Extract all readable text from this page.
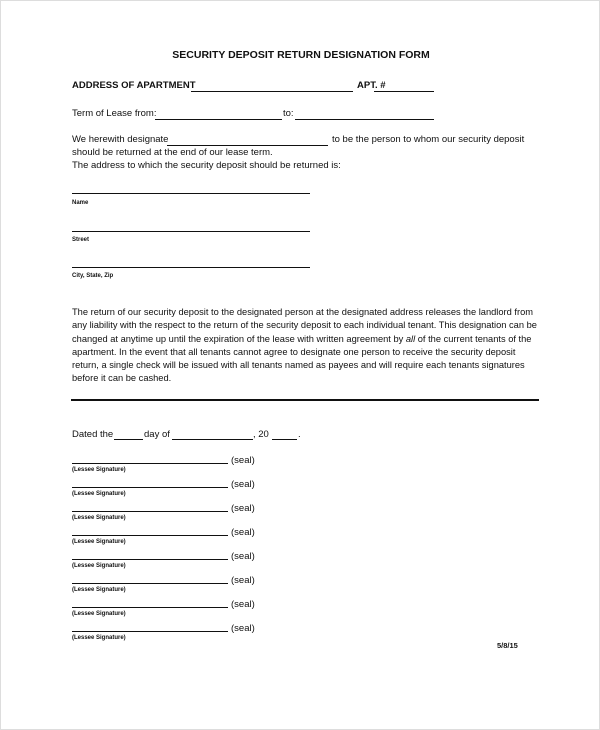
SECURITY DEPOSIT RETURN DESIGNATION FORM
ADDRESS OF APARTMENT	APT. #
Term of Lease from:	to:
We herewith designate	to be the person to whom our security deposit
should be returned at the end of our lease term.
The address to which the security deposit should be returned is:
Name
Street
City, State, Zip
The return of our security deposit to the designated person at the designated address releases the landlord from any liability with the respect to the return of the security deposit to each individual tenant. This designation can be changed at anytime up until the expiration of the lease with written agreement by all of the current tenants of the apartment. In the event that all tenants cannot agree to designate one person to receive the security deposit return, a single check will be issued with all tenants named as payees and will require each tenants signatures before it can be cashed.
Dated the	day of	, 20	.
(seal)
(Lessee Signature)
(seal)
(Lessee Signature)
(seal)
(Lessee Signature)
(seal)
(Lessee Signature)
(seal)
(Lessee Signature)
(seal)
(Lessee Signature)
(seal)
(Lessee Signature)
(seal)
(Lessee Signature)
5/8/15
